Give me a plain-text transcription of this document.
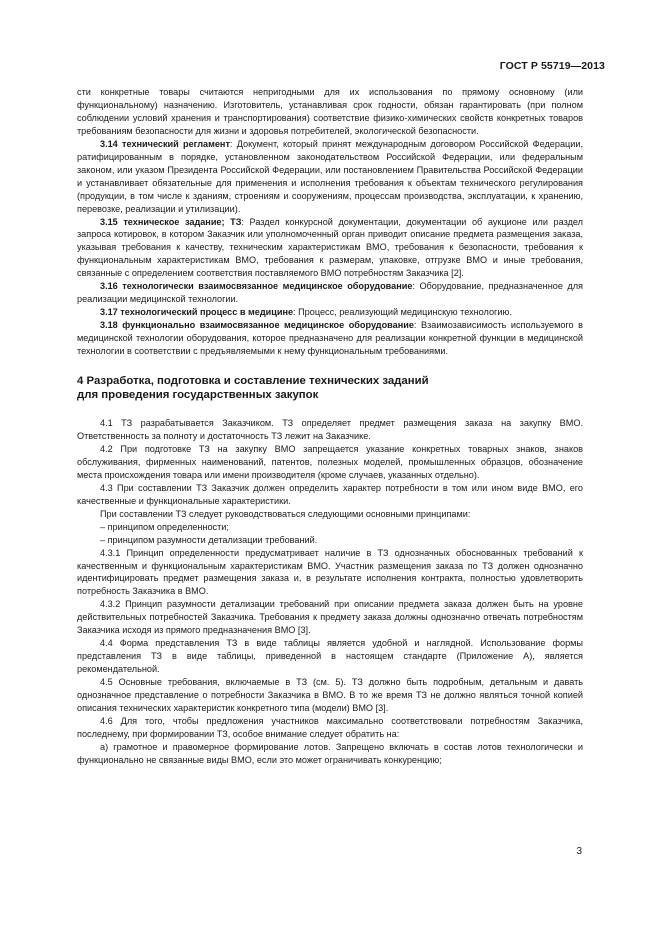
ГОСТ Р 55719—2013

сти конкретные товары считаются непригодными для их использования по прямому основному (или функциональному) назначению. Изготовитель, устанавливая срок годности, обязан гарантировать (при полном соблюдении условий хранения и транспортирования) соответствие физико-химических свойств конкретных товаров требованиям безопасности для жизни и здоровья потребителей, экологической безопасности.

3.14 технический регламент: Документ, который принят международным договором Российской Федерации, ратифицированным в порядке, установленном законодательством Российской Федерации, или федеральным законом, или указом Президента Российской Федерации, или постановлением Правительства Российской Федерации и устанавливает обязательные для применения и исполнения требования к объектам технического регулирования (продукции, в том числе к зданиям, строениям и сооружениям, процессам производства, эксплуатации, к хранению, перевозке, реализации и утилизации).

3.15 техническое задание; ТЗ: Раздел конкурсной документации, документации об аукционе или раздел запроса котировок, в котором Заказчик или уполномоченный орган приводит описание предмета размещения заказа, указывая требования к качеству, техническим характеристикам ВМО, требования к безопасности, требования к функциональным характеристикам ВМО, требования к размерам, упаковке, отгрузке ВМО и иные требования, связанные с определением соответствия поставляемого ВМО потребностям Заказчика [2].

3.16 технологически взаимосвязанное медицинское оборудование: Оборудование, предназначенное для реализации медицинской технологии.

3.17 технологический процесс в медицине: Процесс, реализующий медицинскую технологию.

3.18 функционально взаимосвязанное медицинское оборудование: Взаимозависимость используемого в медицинской технологии оборудования, которое предназначено для реализации конкретной функции в медицинской технологии в соответствии с предъявляемыми к нему функциональным требованиями.

4 Разработка, подготовка и составление технических заданий
для проведения государственных закупок

4.1 ТЗ разрабатывается Заказчиком. ТЗ определяет предмет размещения заказа на закупку ВМО. Ответственность за полноту и достаточность ТЗ лежит на Заказчике.

4.2 При подготовке ТЗ на закупку ВМО запрещается указание конкретных товарных знаков, знаков обслуживания, фирменных наименований, патентов, полезных моделей, промышленных образцов, обозначение места происхождения товара или имени производителя (кроме случаев, указанных отдельно).

4.3 При составлении ТЗ Заказчик должен определить характер потребности в том или ином виде ВМО, его качественные и функциональные характеристики.

При составлении ТЗ следует руководствоваться следующими основными принципами:

– принципом определенности;

– принципом разумности детализации требований.

4.3.1 Принцип определенности предусматривает наличие в ТЗ однозначных обоснованных требований к качественным и функциональным характеристикам ВМО. Участник размещения заказа по ТЗ должен однозначно идентифицировать предмет размещения заказа и, в результате исполнения контракта, полностью удовлетворить потребность Заказчика в ВМО.

4.3.2 Принцип разумности детализации требований при описании предмета заказа должен быть на уровне действительных потребностей Заказчика. Требования к предмету заказа должны однозначно отвечать потребностям Заказчика исходя из прямого предназначения ВМО [3].

4.4 Форма представления ТЗ в виде таблицы является удобной и наглядной. Использование формы представления ТЗ в виде таблицы, приведенной в настоящем стандарте (Приложение А), является рекомендательной.

4.5 Основные требования, включаемые в ТЗ (см. 5). ТЗ должно быть подробным, детальным и давать однозначное представление о потребности Заказчика в ВМО. В то же время ТЗ не должно являться точной копией описания технических характеристик конкретного типа (модели) ВМО [3].

4.6 Для того, чтобы предложения участников максимально соответствовали потребностям Заказчика, последнему, при формировании ТЗ, особое внимание следует обратить на:

а) грамотное и правомерное формирование лотов. Запрещено включать в состав лотов технологически и функционально не связанные виды ВМО, если это может ограничивать конкуренцию;

3
